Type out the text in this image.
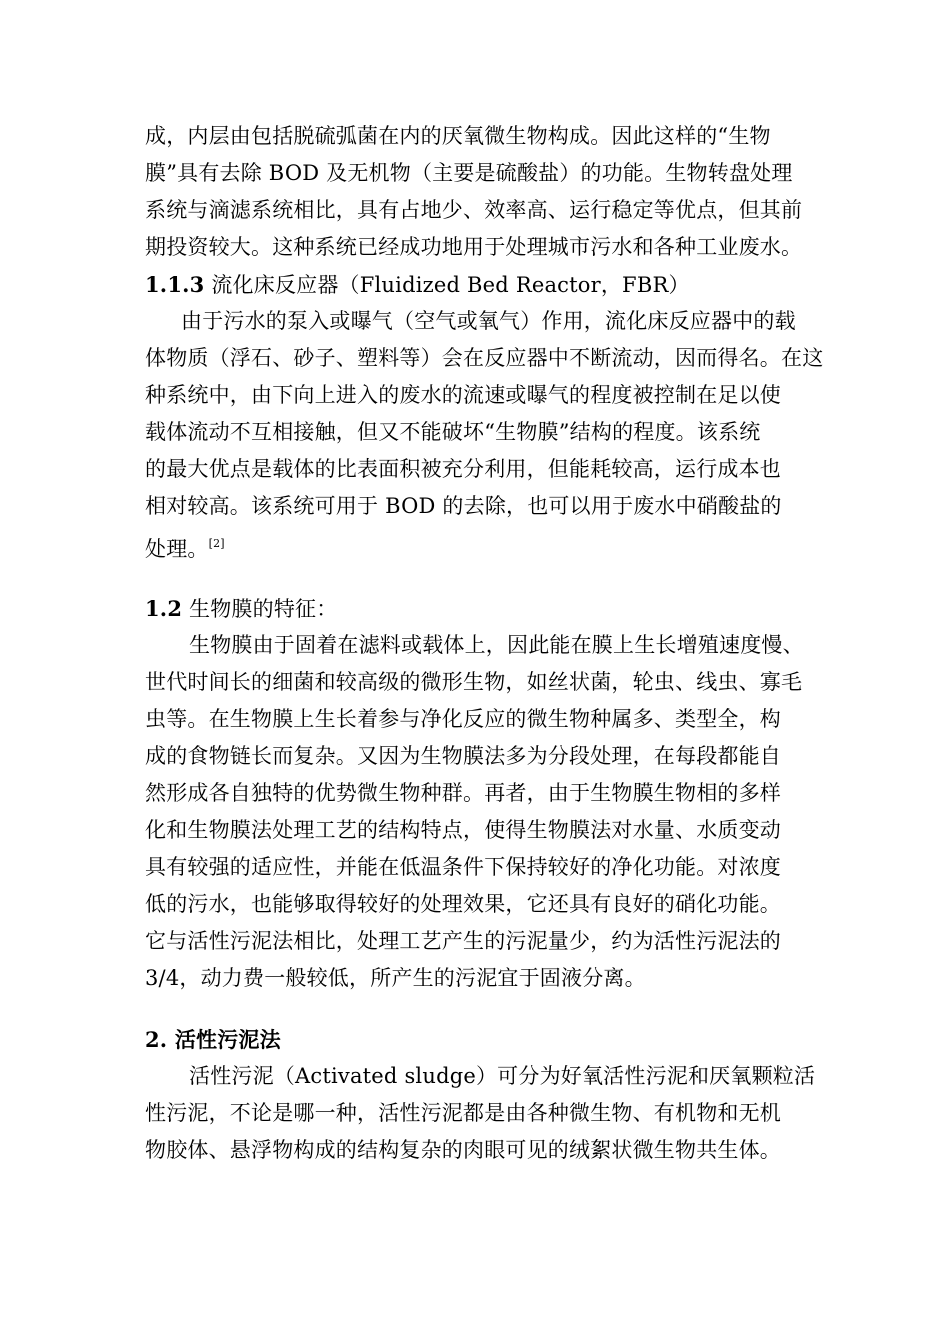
成，内层由包括脱硫弧菌在内的厌氧微生物构成。因此这样的“生物
膜”具有去除 BOD 及无机物（主要是硫酸盐）的功能。生物转盘处理
系统与滴滤系统相比，具有占地少、效率高、运行稳定等优点，但其前
期投资较大。这种系统已经成功地用于处理城市污水和各种工业废水。
1.1.3 流化床反应器（Fluidized Bed Reactor，FBR）
由于污水的泵入或曝气（空气或氧气）作用，流化床反应器中的载
体物质（浮石、砂子、塑料等）会在反应器中不断流动，因而得名。在这
种系统中，由下向上进入的废水的流速或曝气的程度被控制在足以使
载体流动不互相接触，但又不能破坏“生物膜”结构的程度。该系统
的最大优点是载体的比表面积被充分利用，但能耗较高，运行成本也
相对较高。该系统可用于 BOD 的去除，也可以用于废水中硝酸盐的
处理。[2]
1.2 生物膜的特征：
生物膜由于固着在滤料或载体上，因此能在膜上生长增殖速度慢、
世代时间长的细菌和较高级的微形生物，如丝状菌，轮虫、线虫、寡毛
虫等。在生物膜上生长着参与净化反应的微生物种属多、类型全，构
成的食物链长而复杂。又因为生物膜法多为分段处理，在每段都能自
然形成各自独特的优势微生物种群。再者，由于生物膜生物相的多样
化和生物膜法处理工艺的结构特点，使得生物膜法对水量、水质变动
具有较强的适应性，并能在低温条件下保持较好的净化功能。对浓度
低的污水，也能够取得较好的处理效果，它还具有良好的硝化功能。
它与活性污泥法相比，处理工艺产生的污泥量少，约为活性污泥法的
3/4，动力费一般较低，所产生的污泥宜于固液分离。
2. 活性污泥法
活性污泥（Activated sludge）可分为好氧活性污泥和厌氧颗粒活
性污泥，不论是哪一种，活性污泥都是由各种微生物、有机物和无机
物胶体、悬浮物构成的结构复杂的肉眼可见的绒絮状微生物共生体。
